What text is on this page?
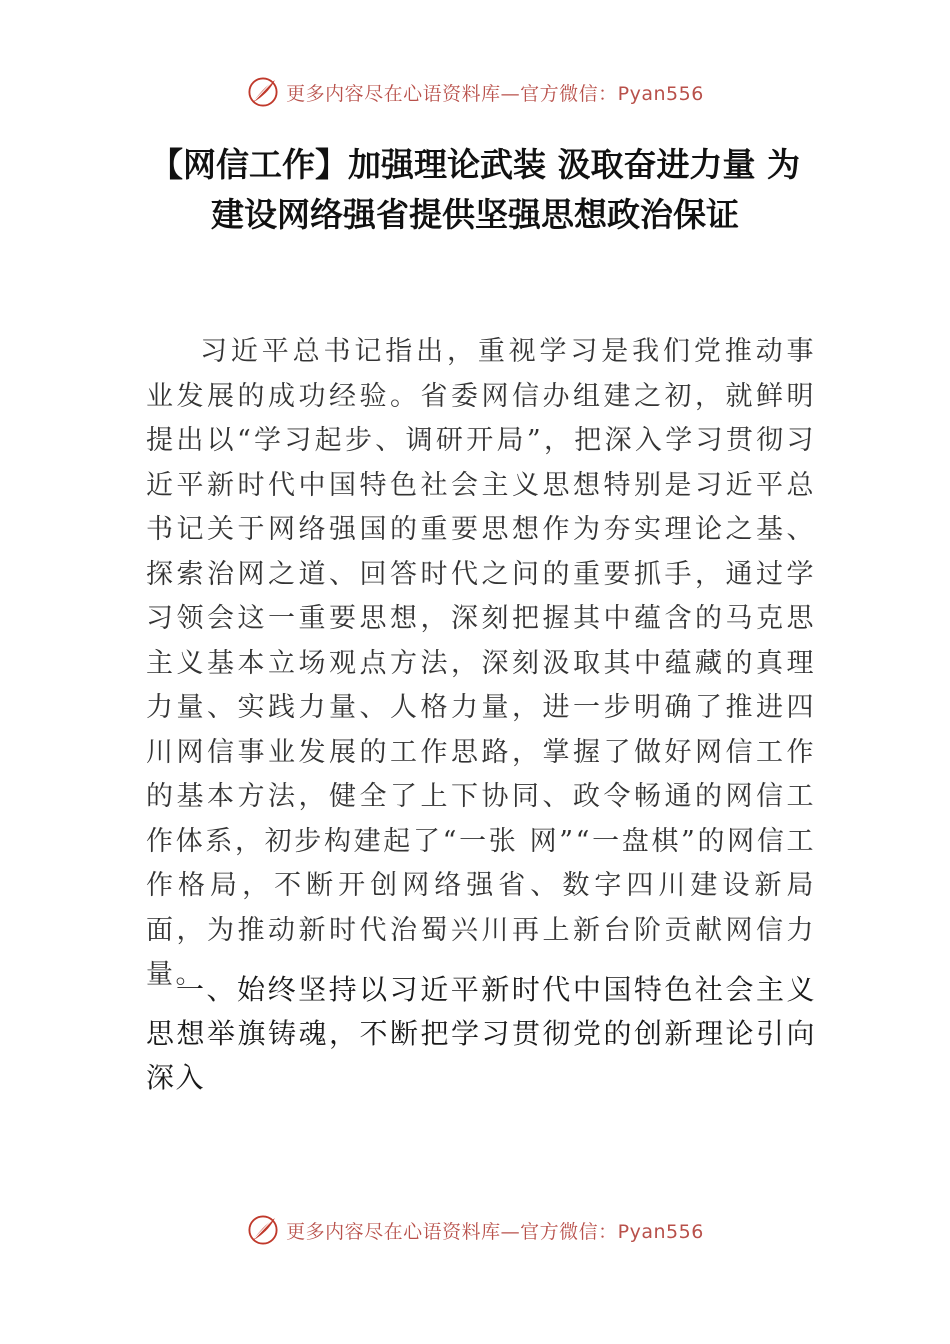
更多内容尽在心语资料库—官方微信：Pyan556
【网信工作】加强理论武装 汲取奋进力量 为建设网络强省提供坚强思想政治保证

习近平总书记指出，重视学习是我们党推动事业发展的成功经验。省委网信办组建之初，就鲜明提出以“学习起步、调研开局”，把深入学习贯彻习近平新时代中国特色社会主义思想特别是习近平总书记关于网络强国的重要思想作为夯实理论之基、探索治网之道、回答时代之问的重要抓手，通过学习领会这一重要思想，深刻把握其中蕴含的马克思主义基本立场观点方法，深刻汲取其中蕴藏的真理力量、实践力量、人格力量，进一步明确了推进四川网信事业发展的工作思路，掌握了做好网信工作的基本方法，健全了上下协同、政令畅通的网信工作体系，初步构建起了“一张 网”“一盘棋”的网信工作格局，不断开创网络强省、数字四川建设新局面，为推动新时代治蜀兴川再上新台阶贡献网信力量。

一、始终坚持以习近平新时代中国特色社会主义思想举旗铸魂，不断把学习贯彻党的创新理论引向深入

更多内容尽在心语资料库—官方微信：Pyan556
